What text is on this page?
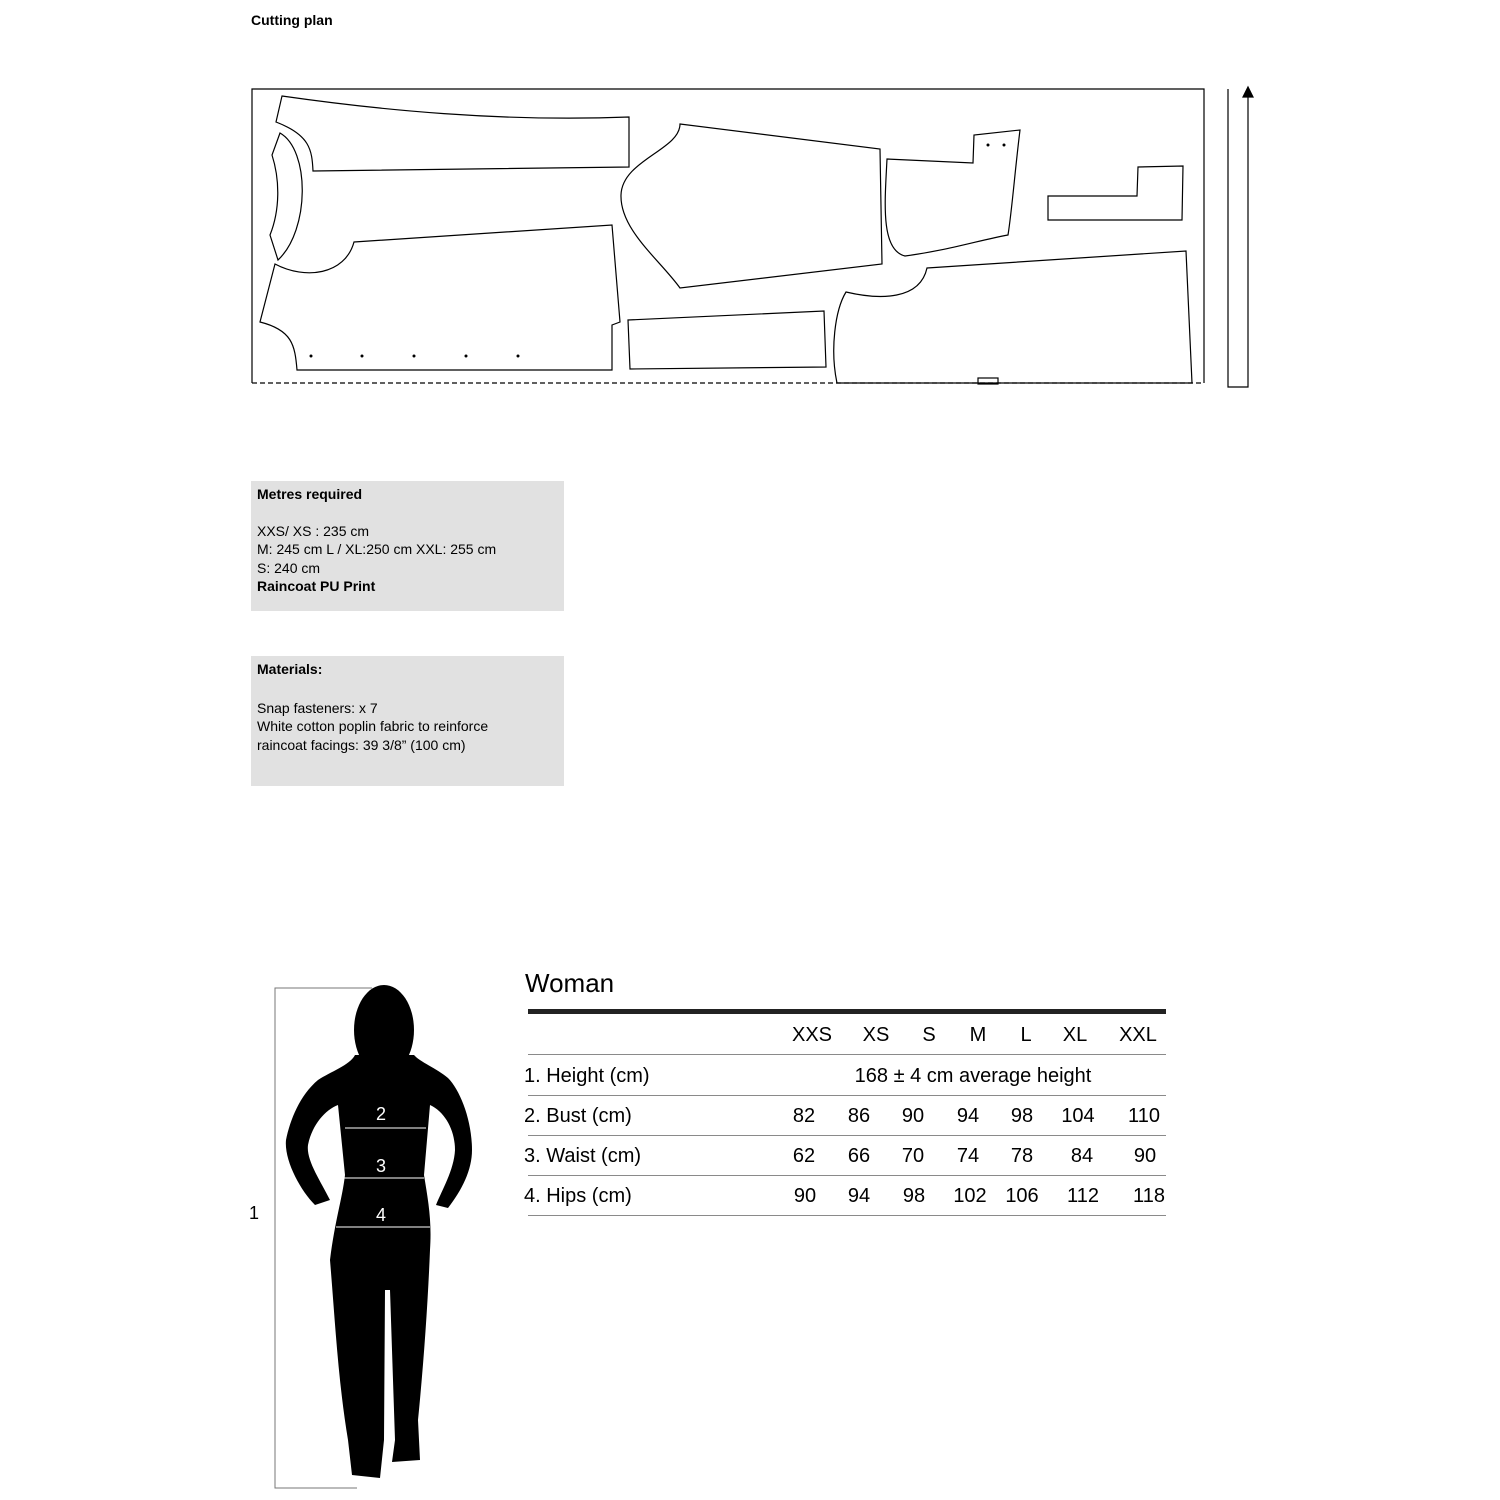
Cutting plan
Metres required
XXS/ XS : 235 cm
M: 245 cm L / XL:250 cm XXL: 255 cm
S: 240 cm
Raincoat PU Print
Materials:
Snap fasteners: x 7
White cotton poplin fabric to reinforce
raincoat facings: 39 3/8” (100 cm)
2
3
4
1
Woman
XXS XS S M L XL XXL
1. Height (cm)	168 ± 4 cm average height
2. Bust (cm)	82 86 90 94 98 104 110
3. Waist (cm)	62 66 70 74 78 84 90
4. Hips (cm)	90 94 98 102 106 112 118
